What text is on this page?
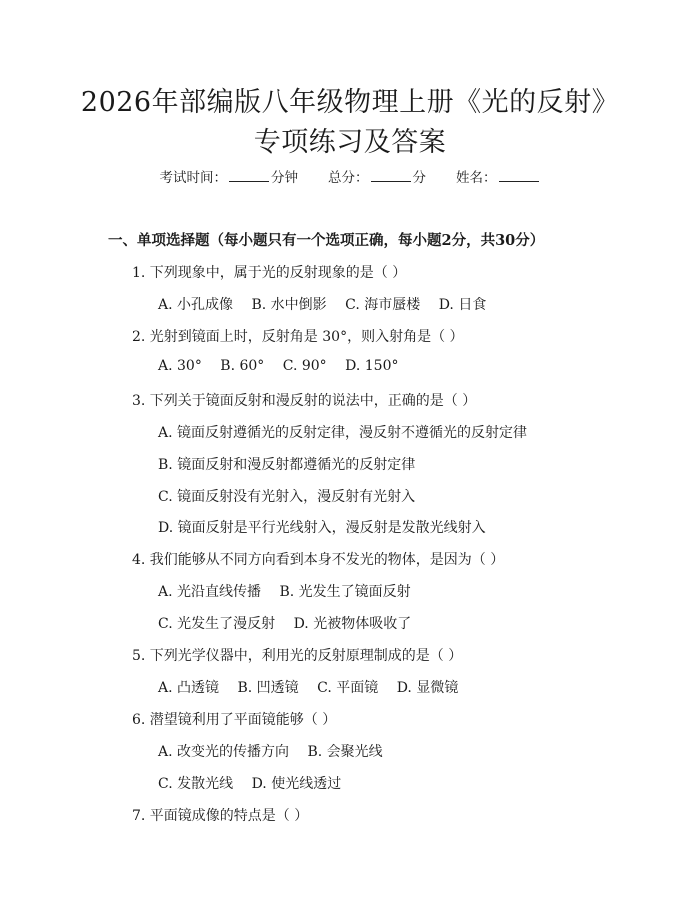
2026年部编版八年级物理上册《光的反射》
专项练习及答案
考试时间：	分钟 总分：	分 姓名：
一、单项选择题（每小题只有一个选项正确，每小题2分，共30分）
1. 下列现象中，属于光的反射现象的是（ ）
A. 小孔成像 B. 水中倒影 C. 海市蜃楼 D. 日食
2. 光射到镜面上时，反射角是 30°，则入射角是（ ）
A. 30° B. 60° C. 90° D. 150°
3. 下列关于镜面反射和漫反射的说法中，正确的是（ ）
A. 镜面反射遵循光的反射定律，漫反射不遵循光的反射定律
B. 镜面反射和漫反射都遵循光的反射定律
C. 镜面反射没有光射入，漫反射有光射入
D. 镜面反射是平行光线射入，漫反射是发散光线射入
4. 我们能够从不同方向看到本身不发光的物体，是因为（ ）
A. 光沿直线传播 B. 光发生了镜面反射
C. 光发生了漫反射 D. 光被物体吸收了
5. 下列光学仪器中，利用光的反射原理制成的是（ ）
A. 凸透镜 B. 凹透镜 C. 平面镜 D. 显微镜
6. 潜望镜利用了平面镜能够（ ）
A. 改变光的传播方向 B. 会聚光线
C. 发散光线 D. 使光线透过
7. 平面镜成像的特点是（ ）
